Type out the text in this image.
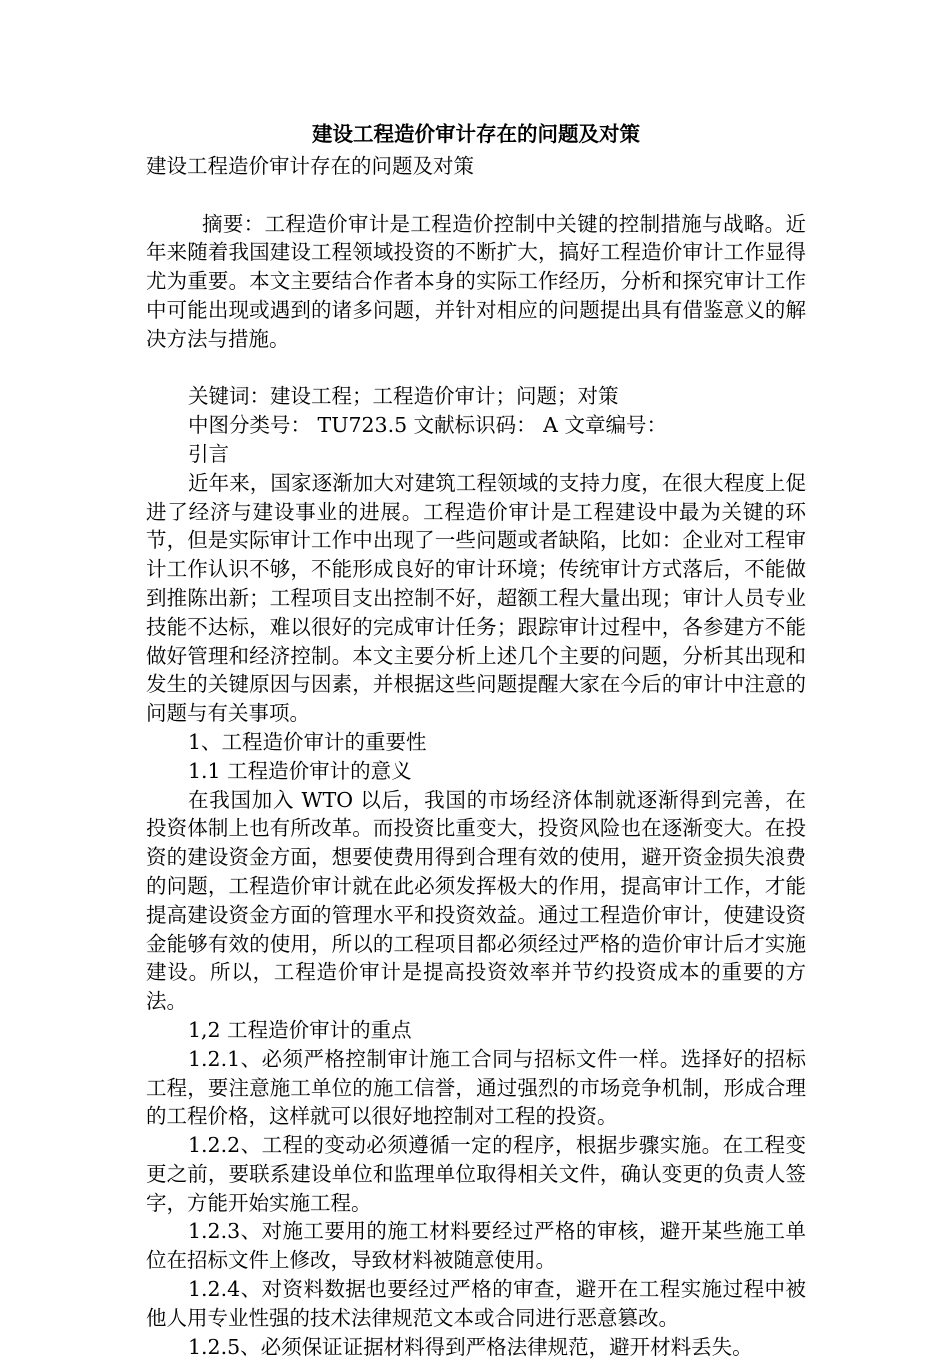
建设工程造价审计存在的问题及对策

建设工程造价审计存在的问题及对策

摘要：工程造价审计是工程造价控制中关键的控制措施与战略。近年来随着我国建设工程领域投资的不断扩大，搞好工程造价审计工作显得尤为重要。本文主要结合作者本身的实际工作经历，分析和探究审计工作中可能出现或遇到的诸多问题，并针对相应的问题提出具有借鉴意义的解决方法与措施。

关键词：建设工程；工程造价审计；问题；对策

中图分类号： TU723.5 文献标识码： A 文章编号：

引言

近年来，国家逐渐加大对建筑工程领域的支持力度，在很大程度上促进了经济与建设事业的进展。工程造价审计是工程建设中最为关键的环节，但是实际审计工作中出现了一些问题或者缺陷，比如：企业对工程审计工作认识不够，不能形成良好的审计环境；传统审计方式落后，不能做到推陈出新；工程项目支出控制不好，超额工程大量出现；审计人员专业技能不达标，难以很好的完成审计任务；跟踪审计过程中，各参建方不能做好管理和经济控制。本文主要分析上述几个主要的问题，分析其出现和发生的关键原因与因素，并根据这些问题提醒大家在今后的审计中注意的问题与有关事项。

1、工程造价审计的重要性

1.1 工程造价审计的意义

在我国加入 WTO 以后，我国的市场经济体制就逐渐得到完善，在投资体制上也有所改革。而投资比重变大，投资风险也在逐渐变大。在投资的建设资金方面，想要使费用得到合理有效的使用，避开资金损失浪费的问题，工程造价审计就在此必须发挥极大的作用，提高审计工作，才能提高建设资金方面的管理水平和投资效益。通过工程造价审计，使建设资金能够有效的使用，所以的工程项目都必须经过严格的造价审计后才实施建设。所以，工程造价审计是提高投资效率并节约投资成本的重要的方法。

1,2 工程造价审计的重点

1.2.1、必须严格控制审计施工合同与招标文件一样。选择好的招标工程，要注意施工单位的施工信誉，通过强烈的市场竞争机制，形成合理的工程价格，这样就可以很好地控制对工程的投资。

1.2.2、工程的变动必须遵循一定的程序，根据步骤实施。在工程变更之前，要联系建设单位和监理单位取得相关文件，确认变更的负责人签字，方能开始实施工程。

1.2.3、对施工要用的施工材料要经过严格的审核，避开某些施工单位在招标文件上修改，导致材料被随意使用。

1.2.4、对资料数据也要经过严格的审查，避开在工程实施过程中被他人用专业性强的技术法律规范文本或合同进行恶意篡改。

1.2.5、必须保证证据材料得到严格法律规范，避开材料丢失。
